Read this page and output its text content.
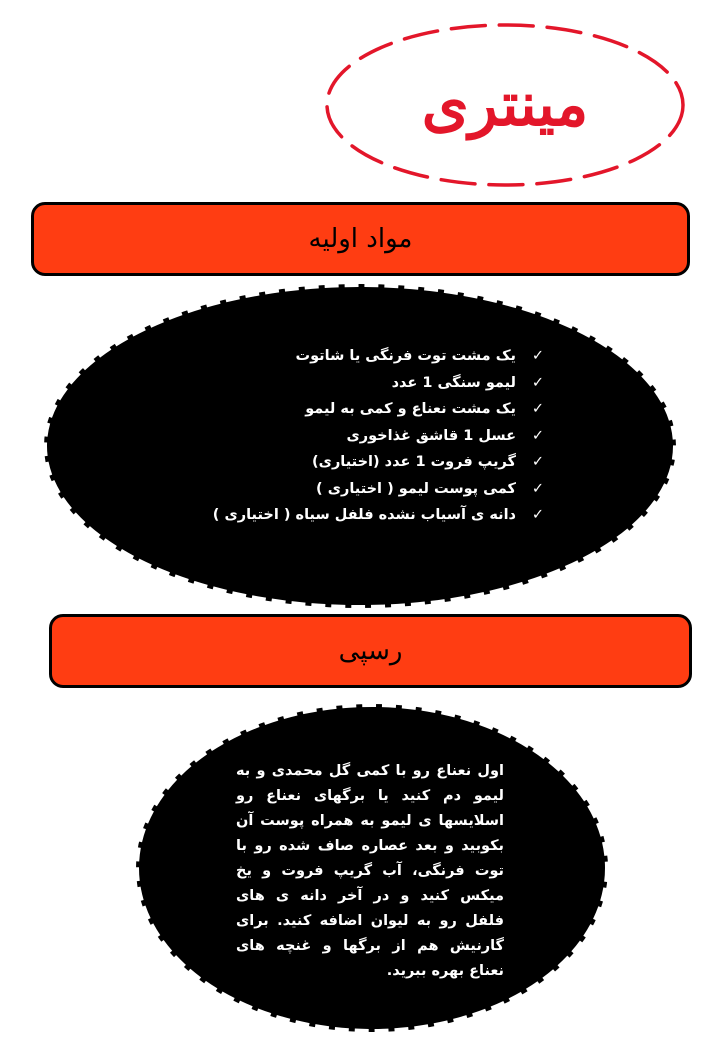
مینتری
مواد اولیه
✓یک مشت توت فرنگی یا شاتوت
✓لیمو سنگی 1 عدد
✓یک مشت نعناع و کمی به لیمو
✓عسل 1 قاشق غذاخوری
✓گریپ فروت 1 عدد (اختیاری)
✓کمی پوست لیمو ( اختیاری )
✓دانه ی آسیاب نشده فلفل سیاه ( اختیاری )
رسپی

اول نعناع رو با کمی گل محمدی و به لیمو دم کنید یا برگهای نعناع رو اسلایسها ی لیمو به همراه پوست آن بکوبید و بعد عصاره صاف شده رو با توت فرنگی، آب گریپ فروت و یخ میکس کنید و در آخر دانه ی های فلفل رو به لیوان اضافه کنید. برای گارنیش هم از برگها و غنچه های نعناع بهره ببرید.
